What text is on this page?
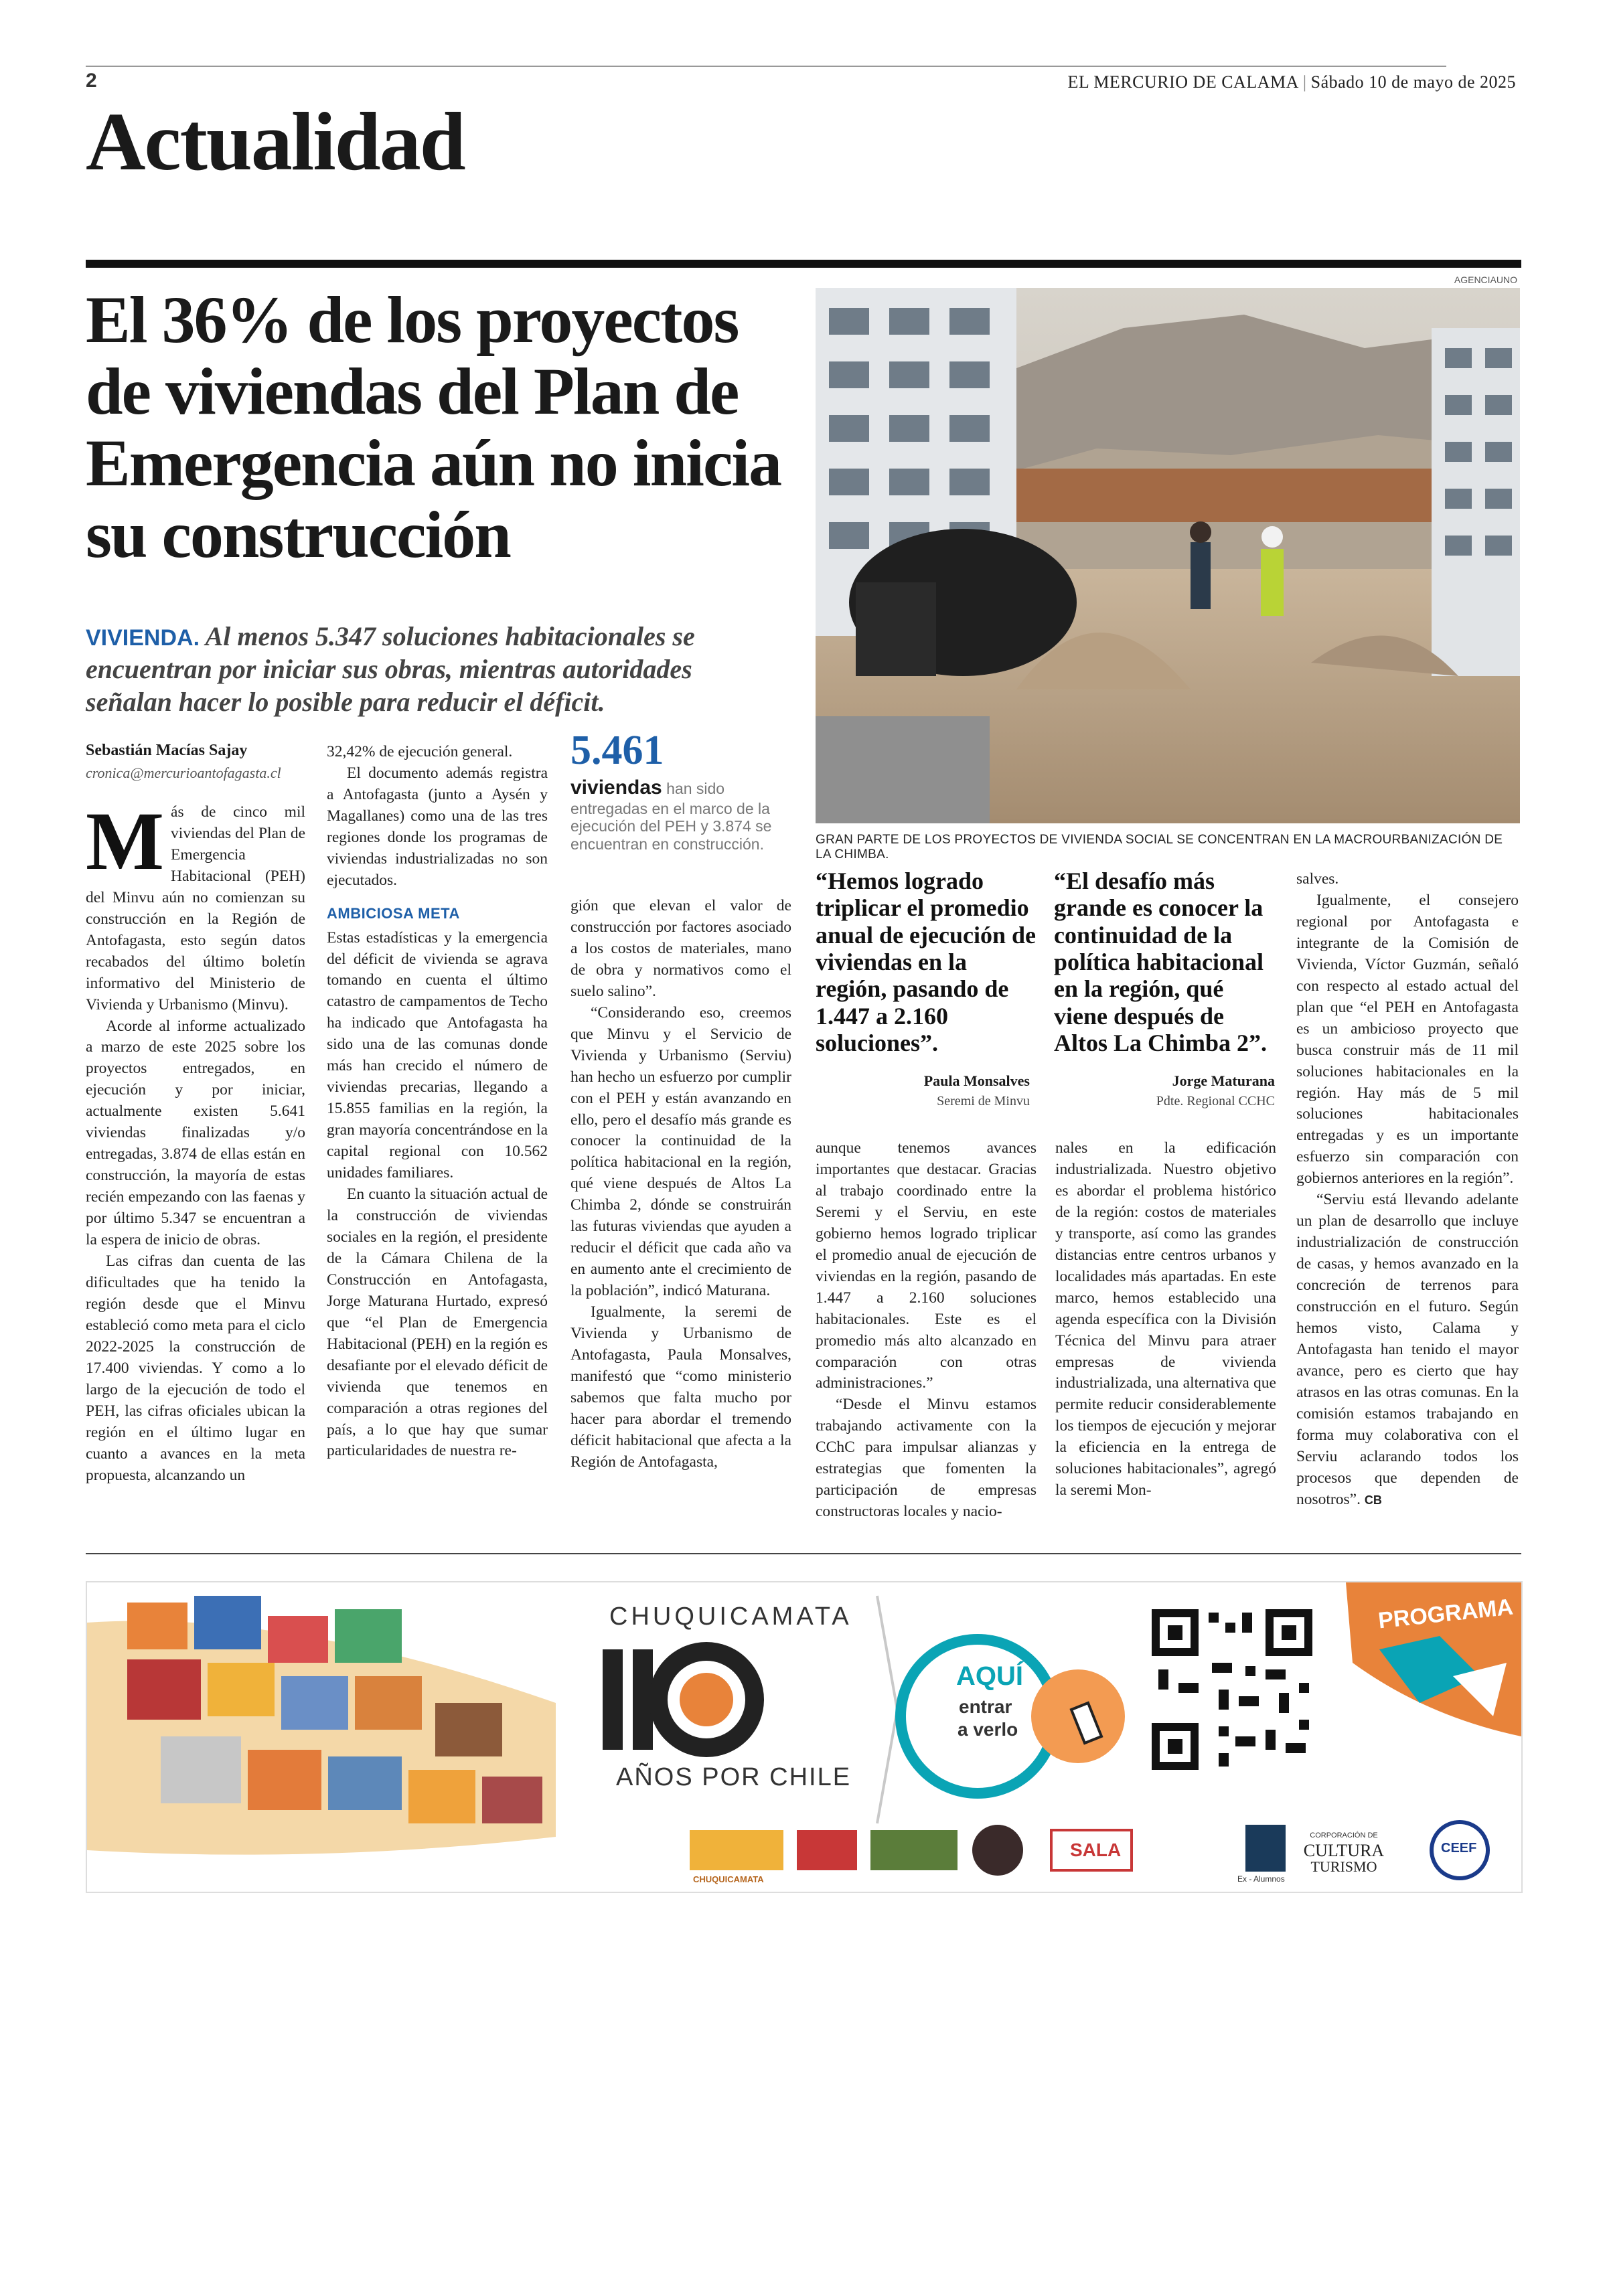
2	EL MERCURIO DE CALAMA | Sábado 10 de mayo de 2025
Actualidad
El 36% de los proyectos de viviendas del Plan de Emergencia aún no inicia su construcción
VIVIENDA. Al menos 5.347 soluciones habitacionales se encuentran por iniciar sus obras, mientras autoridades señalan hacer lo posible para reducir el déficit.
Sebastián Macías Sajay
cronica@mercurioantofagasta.cl

Más de cinco mil viviendas del Plan de Emergencia Habitacional (PEH) del Minvu aún no comienzan su construcción en la Región de Antofagasta, esto según datos recabados del último boletín informativo del Ministerio de Vivienda y Urbanismo (Minvu).

Acorde al informe actualizado a marzo de este 2025 sobre los proyectos entregados, en ejecución y por iniciar, actualmente existen 5.641 viviendas finalizadas y/o entregadas, 3.874 de ellas están en construcción, la mayoría de estas recién empezando con las faenas y por último 5.347 se encuentran a la espera de inicio de obras.

Las cifras dan cuenta de las dificultades que ha tenido la región desde que el Minvu estableció como meta para el ciclo 2022-2025 la construcción de 17.400 viviendas. Y como a lo largo de la ejecución de todo el PEH, las cifras oficiales ubican la región en el último lugar en cuanto a avances en la meta propuesta, alcanzando un

32,42% de ejecución general.

El documento además registra a Antofagasta (junto a Aysén y Magallanes) como una de las tres regiones donde los programas de viviendas industrializadas no son ejecutados.

AMBICIOSA META

Estas estadísticas y la emergencia del déficit de vivienda se agrava tomando en cuenta el último catastro de campamentos de Techo ha indicado que Antofagasta ha sido una de las comunas donde más han crecido el número de viviendas precarias, llegando a 15.855 familias en la región, la gran mayoría concentrándose en la capital regional con 10.562 unidades familiares.

En cuanto la situación actual de la construcción de viviendas sociales en la región, el presidente de la Cámara Chilena de la Construcción en Antofagasta, Jorge Maturana Hurtado, expresó que “el Plan de Emergencia Habitacional (PEH) en la región es desafiante por el elevado déficit de vivienda que tenemos en comparación a otras regiones del país, a lo que hay que sumar particularidades de nuestra re-

5.461
viviendas han sido entregadas en el marco de la ejecución del PEH y 3.874 se encuentran en construcción.

gión que elevan el valor de construcción por factores asociado a los costos de materiales, mano de obra y normativos como el suelo salino”.

“Considerando eso, creemos que Minvu y el Servicio de Vivienda y Urbanismo (Serviu) han hecho un esfuerzo por cumplir con el PEH y están avanzando en ello, pero el desafío más grande es conocer la continuidad de la política habitacional en la región, qué viene después de Altos La Chimba 2, dónde se construirán las futuras viviendas que ayuden a reducir el déficit que cada año va en aumento ante el crecimiento de la población”, indicó Maturana.

Igualmente, la seremi de Vivienda y Urbanismo de Antofagasta, Paula Monsalves, manifestó que “como ministerio sabemos que falta mucho por hacer para abordar el tremendo déficit habitacional que afecta a la Región de Antofagasta,

AGENCIAUNO
GRAN PARTE DE LOS PROYECTOS DE VIVIENDA SOCIAL SE CONCENTRAN EN LA MACROURBANIZACIÓN DE LA CHIMBA.
“Hemos logrado triplicar el promedio anual de ejecución de viviendas en la región, pasando de 1.447 a 2.160 soluciones”.
Paula Monsalves
Seremi de Minvu
“El desafío más grande es conocer la continuidad de la política habitacional en la región, qué viene después de Altos La Chimba 2”.
Jorge Maturana
Pdte. Regional CCHC

aunque tenemos avances importantes que destacar. Gracias al trabajo coordinado entre la Seremi y el Serviu, en este gobierno hemos logrado triplicar el promedio anual de ejecución de viviendas en la región, pasando de 1.447 a 2.160 soluciones habitacionales. Este es el promedio más alto alcanzado en comparación con otras administraciones.”

“Desde el Minvu estamos trabajando activamente con la CChC para impulsar alianzas y estrategias que fomenten la participación de empresas constructoras locales y nacio-

nales en la edificación industrializada. Nuestro objetivo es abordar el problema histórico de la región: costos de materiales y transporte, así como las grandes distancias entre centros urbanos y localidades más apartadas. En este marco, hemos establecido una agenda específica con la División Técnica del Minvu para atraer empresas de vivienda industrializada, una alternativa que permite reducir considerablemente los tiempos de ejecución y mejorar la eficiencia en la entrega de soluciones habitacionales”, agregó la seremi Mon-

salves.

Igualmente, el consejero regional por Antofagasta e integrante de la Comisión de Vivienda, Víctor Guzmán, señaló con respecto al estado actual del plan que “el PEH en Antofagasta es un ambicioso proyecto que busca construir más de 11 mil soluciones habitacionales en la región. Hay más de 5 mil soluciones habitacionales entregadas y es un importante esfuerzo sin comparación con gobiernos anteriores en la región”.

“Serviu está llevando adelante un plan de desarrollo que incluye industrialización de construcción de casas, y hemos avanzado en la concreción de terrenos para construcción en el futuro. Según hemos visto, Calama y Antofagasta han tenido el mayor avance, pero es cierto que hay atrasos en las otras comunas. En la comisión estamos trabajando en forma muy colaborativa con el Serviu aclarando todos los procesos que dependen de nosotros”. CB

CHUQUICAMATA
AÑOS POR CHILE
AQUÍ
entrar
a verlo
PROGRAMA
CHUQUICAMATA
SALA
Ex - Alumnos
CORPORACIÓN DE
CULTURA
TURISMO
CEEF
